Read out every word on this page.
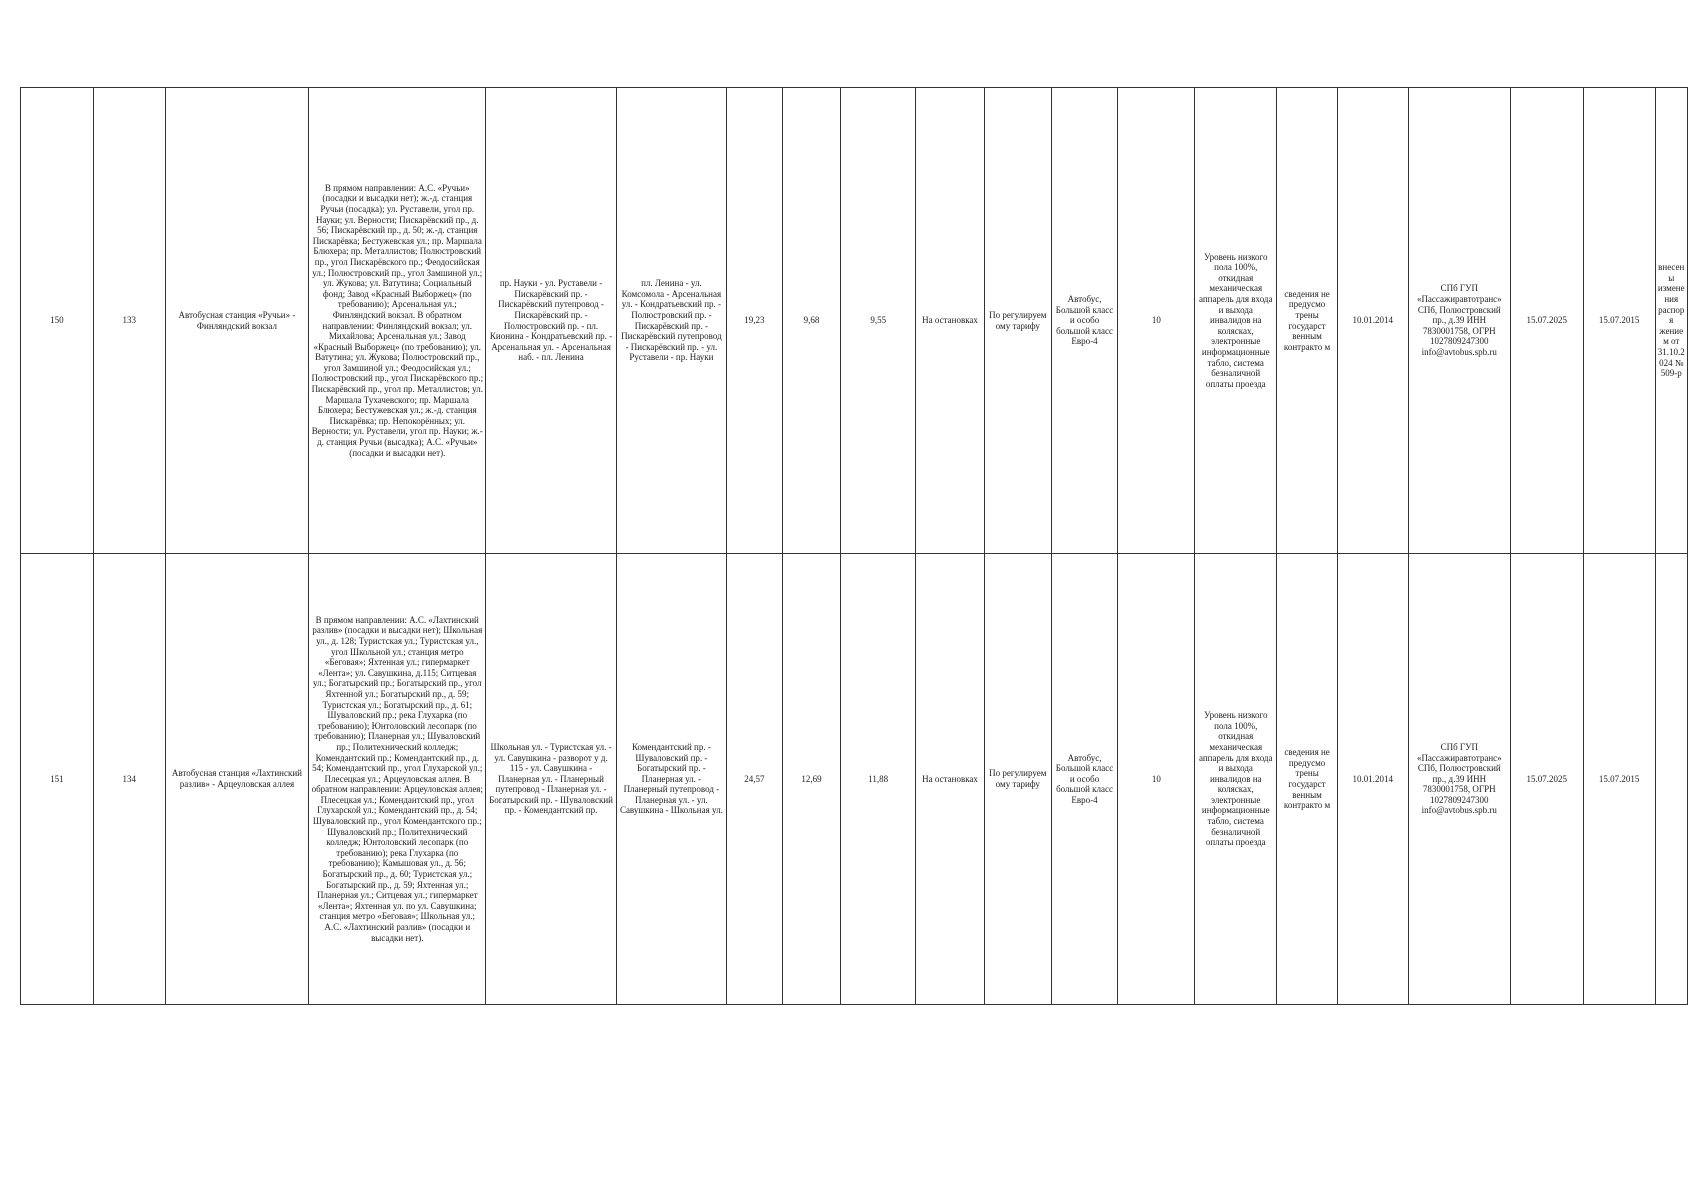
150	133	Автобусная станция «Ручьи» - Финляндский вокзал	В прямом направлении: А.С. «Ручьи» (посадки и высадки нет); ж.-д. станция Ручьи (посадка); ул. Руставели, угол пр. Науки; ул. Верности; Пискарёвский пр., д. 56; Пискарёвский пр., д. 50; ж.-д. станция Пискарёвка; Бестужевская ул.; пр. Маршала Блюхера; пр. Металлистов; Полюстровский пр., угол Пискарёвского пр.; Феодосийская ул.; Полюстровский пр., угол Замшиной ул.; ул. Жукова; ул. Ватутина; Социальный фонд; Завод «Красный Выборжец» (по требованию); Арсенальная ул.; Финляндский вокзал. В обратном направлении: Финляндский вокзал; ул. Михайлова; Арсенальная ул.; Завод «Красный Выборжец» (по требованию); ул. Ватутина; ул. Жукова; Полюстровский пр., угол Замшиной ул.; Феодосийская ул.; Полюстровский пр., угол Пискарёвского пр.; Пискарёвский пр., угол пр. Металлистов; ул. Маршала Тухачевского; пр. Маршала Блюхера; Бестужевская ул.; ж.-д. станция Пискарёвка; пр. Непокорённых; ул. Верности; ул. Руставели, угол пр. Науки; ж.-д. станция Ручьи (высадка); А.С. «Ручьи» (посадки и высадки нет).	пр. Науки - ул. Руставели - Пискарёвский пр. - Пискарёвский путепровод - Пискарёвский пр. - Полюстровский пр. - пл. Кионина - Кондратьевский пр. - Арсенальная ул. - Арсенальная наб. - пл. Ленина	пл. Ленина - ул. Комсомола - Арсенальная ул. - Кондратьевский пр. - Полюстровский пр. - Пискарёвский пр. - Пискарёвский путепровод - Пискарёвский пр. - ул. Руставели - пр. Науки	19,23	9,68	9,55	На остановках	По регулируем ому тарифу	Автобус, Большой класс и особо большой класс Евро-4	10	Уровень низкого пола 100%, откидная механическая аппарель для входа и выхода инвалидов на колясках, электронные информационные табло, система безналичной оплаты проезда	сведения не предусмо трены государст венным контракто м	10.01.2014	СПб ГУП «Пассажиравтотранс» СПб, Полюстровский пр., д.39 ИНН 7830001758, ОГРН 1027809247300 info@avtobus.spb.ru	15.07.2025	15.07.2015	внесен ы измене ния распоря жением от 31.10.2 024 № 509-р
151	134	Автобусная станция «Лахтинский разлив» - Арцеуловская аллея	В прямом направлении: А.С. «Лахтинский разлив» (посадки и высадки нет); Школьная ул., д. 128; Туристская ул.; Туристская ул., угол Школьной ул.; станция метро «Беговая»; Яхтенная ул.; гипермаркет «Лента»; ул. Савушкина, д.115; Ситцевая ул.; Богатырский пр.; Богатырский пр., угол Яхтенной ул.; Богатырский пр., д. 59; Туристская ул.; Богатырский пр., д. 61; Шуваловский пр.; река Глухарка (по требованию); Юнтоловский лесопарк (по требованию); Планерная ул.; Шуваловский пр.; Политехнический колледж; Комендантский пр.; Комендантский пр., д. 54; Комендантский пр., угол Глухарской ул.; Плесецкая ул.; Арцеуловская аллея. В обратном направлении: Арцеуловская аллея; Плесецкая ул.; Комендантский пр., угол Глухарской ул.; Комендантский пр., д. 54; Шуваловский пр., угол Комендантского пр.; Шуваловский пр.; Политехнический колледж; Юнтоловский лесопарк (по требованию); река Глухарка (по требованию); Камышовая ул., д. 56; Богатырский пр., д. 60; Туристская ул.; Богатырский пр., д. 59; Яхтенная ул.; Планерная ул.; Ситцевая ул.; гипермаркет «Лента»; Яхтенная ул. по ул. Савушкина; станция метро «Беговая»; Школьная ул.; А.С. «Лахтинский разлив» (посадки и высадки нет).	Школьная ул. - Туристская ул. - ул. Савушкина - разворот у д. 115 - ул. Савушкина - Планерная ул. - Планерный путепровод - Планерная ул. - Богатырский пр. - Шуваловский пр. - Комендантский пр.	Комендантский пр. - Шуваловский пр. - Богатырский пр. - Планерная ул. - Планерный путепровод - Планерная ул. - ул. Савушкина - Школьная ул.	24,57	12,69	11,88	На остановках	По регулируем ому тарифу	Автобус, Большой класс и особо большой класс Евро-4	10	Уровень низкого пола 100%, откидная механическая аппарель для входа и выхода инвалидов на колясках, электронные информационные табло, система безналичной оплаты проезда	сведения не предусмо трены государст венным контракто м	10.01.2014	СПб ГУП «Пассажиравтотранс» СПб, Полюстровский пр., д.39 ИНН 7830001758, ОГРН 1027809247300 info@avtobus.spb.ru	15.07.2025	15.07.2015	
